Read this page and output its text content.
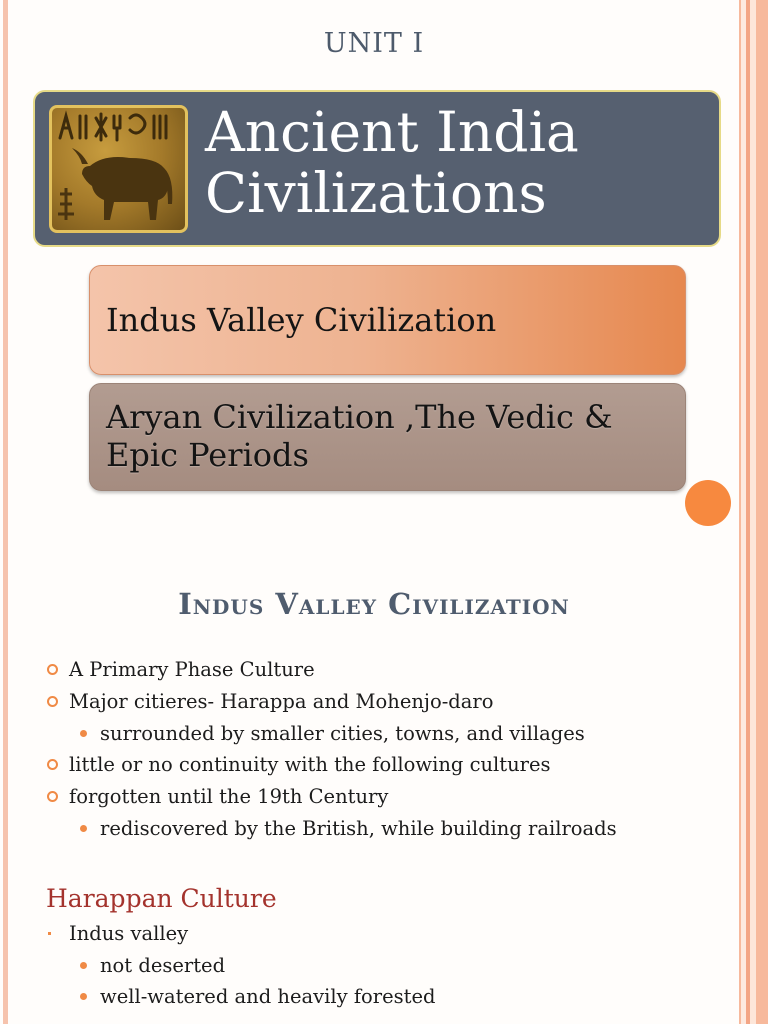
UNIT I
Ancient India
Civilizations

Indus Valley Civilization

Aryan Civilization ,The Vedic & Epic Periods

Indus Valley Civilization
A Primary Phase Culture
Major citieres- Harappa and Mohenjo-daro
surrounded by smaller cities, towns, and villages
little or no continuity with the following cultures
forgotten until the 19th Century
rediscovered by the British, while building railroads
Harappan Culture
Indus valley
not deserted
well-watered and heavily forested
